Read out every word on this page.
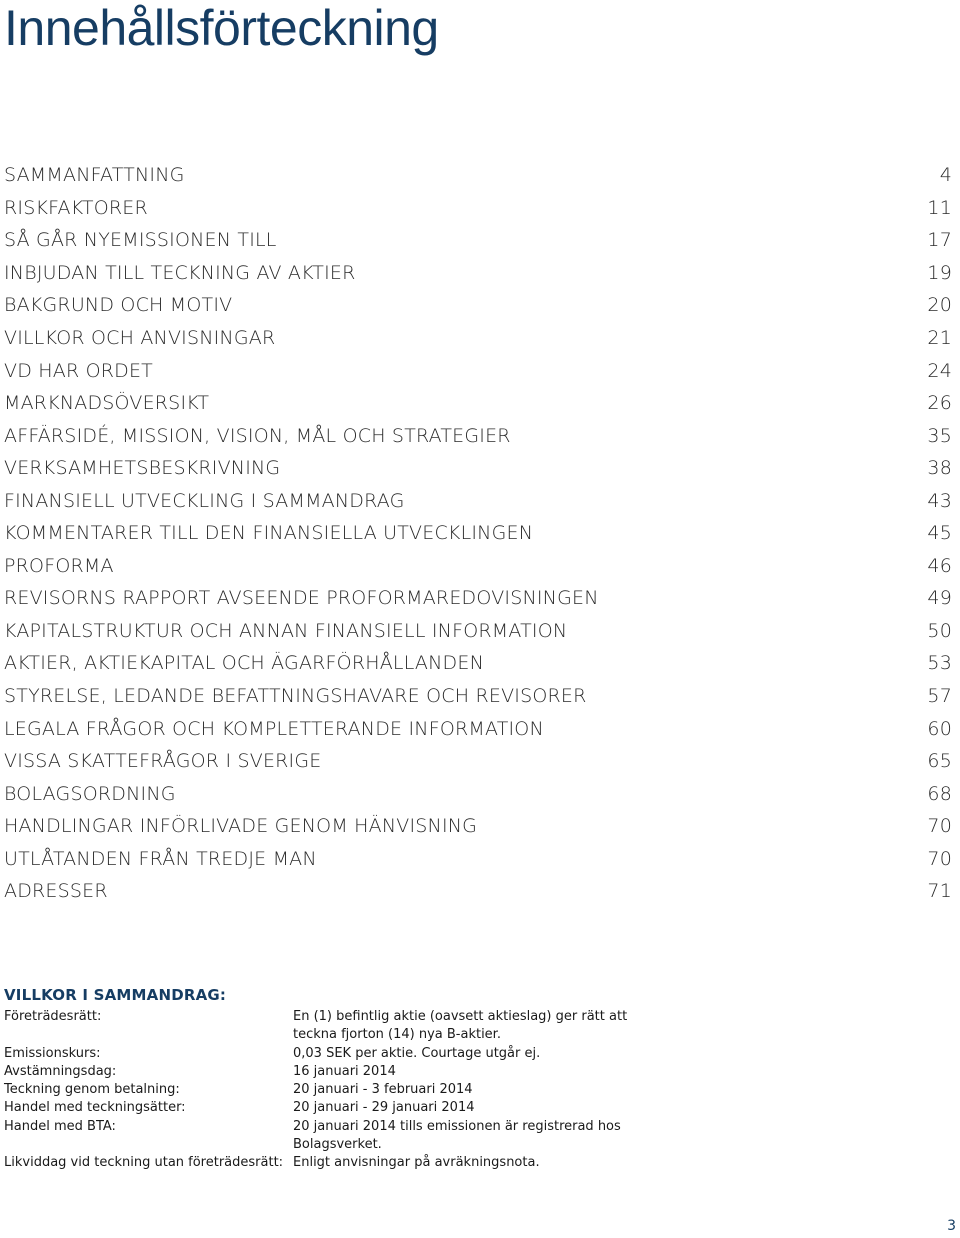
Innehållsförteckning
SAMMANFATTNING	4
RISKFAKTORER	11
SÅ GÅR NYEMISSIONEN TILL	17
INBJUDAN TILL TECKNING AV AKTIER	19
BAKGRUND OCH MOTIV	20
VILLKOR OCH ANVISNINGAR	21
VD HAR ORDET	24
MARKNADSÖVERSIKT	26
AFFÄRSIDÉ, MISSION, VISION, MÅL OCH STRATEGIER	35
VERKSAMHETSBESKRIVNING	38
FINANSIELL UTVECKLING I SAMMANDRAG	43
KOMMENTARER TILL DEN FINANSIELLA UTVECKLINGEN	45
PROFORMA	46
REVISORNS RAPPORT AVSEENDE PROFORMAREDOVISNINGEN	49
KAPITALSTRUKTUR OCH ANNAN FINANSIELL INFORMATION	50
AKTIER, AKTIEKAPITAL OCH ÄGARFÖRHÅLLANDEN	53
STYRELSE, LEDANDE BEFATTNINGSHAVARE OCH REVISORER	57
LEGALA FRÅGOR OCH KOMPLETTERANDE INFORMATION	60
VISSA SKATTEFRÅGOR I SVERIGE	65
BOLAGSORDNING	68
HANDLINGAR INFÖRLIVADE GENOM HÄNVISNING	70
UTLÅTANDEN FRÅN TREDJE MAN	70
ADRESSER	71
VILLKOR I SAMMANDRAG:
Företrädesrätt:	En (1) befintlig aktie (oavsett aktieslag) ger rätt att teckna fjorton (14) nya B-aktier.
Emissionskurs:	0,03 SEK per aktie. Courtage utgår ej.
Avstämningsdag:	16 januari 2014
Teckning genom betalning:	20 januari - 3 februari 2014
Handel med teckningsätter:	20 januari - 29 januari 2014
Handel med BTA:	20 januari 2014 tills emissionen är registrerad hos Bolagsverket.
Likviddag vid teckning utan företrädesrätt: Enligt anvisningar på avräkningsnota.
3
